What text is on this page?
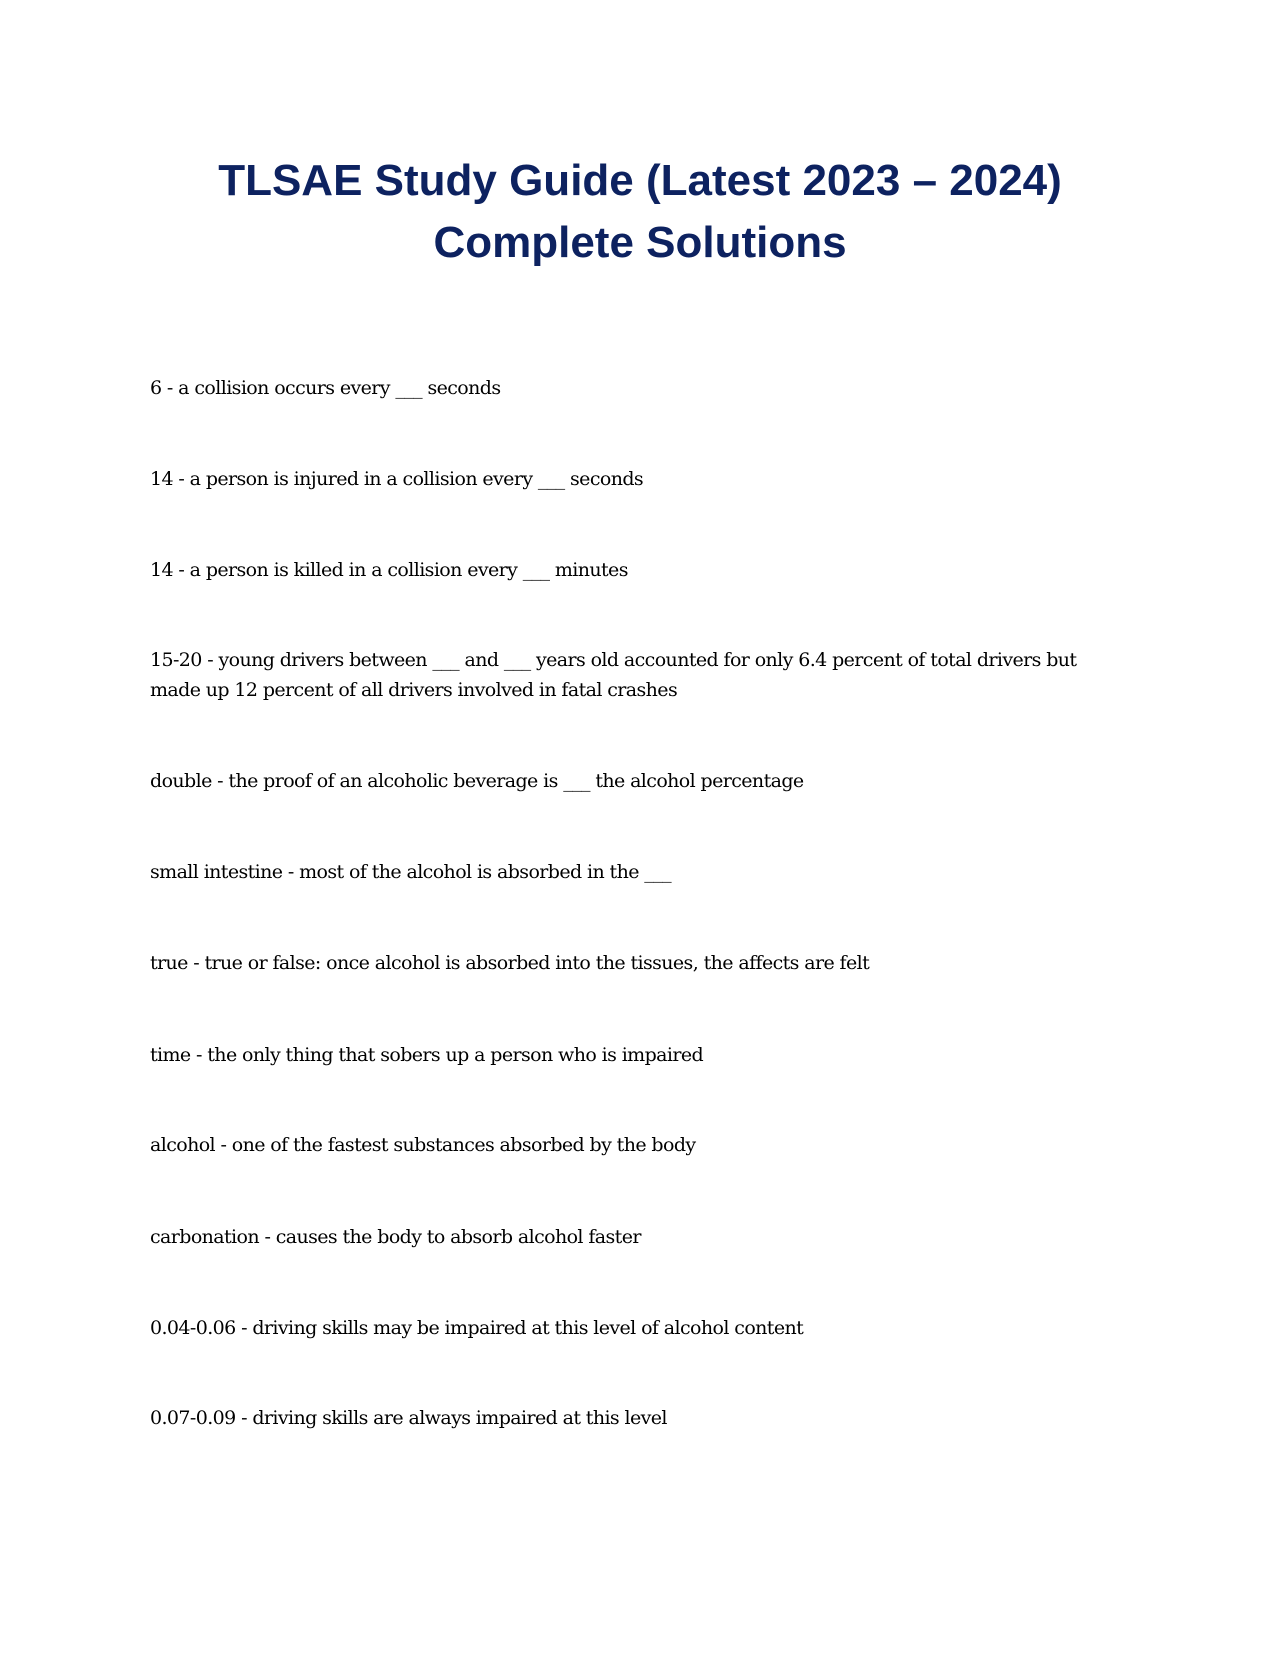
TLSAE Study Guide (Latest 2023 – 2024)
Complete Solutions

6 - a collision occurs every ___ seconds

14 - a person is injured in a collision every ___ seconds

14 - a person is killed in a collision every ___ minutes

15-20 - young drivers between ___ and ___ years old accounted for only 6.4 percent of total drivers but made up 12 percent of all drivers involved in fatal crashes

double - the proof of an alcoholic beverage is ___ the alcohol percentage

small intestine - most of the alcohol is absorbed in the ___

true - true or false: once alcohol is absorbed into the tissues, the affects are felt

time - the only thing that sobers up a person who is impaired

alcohol - one of the fastest substances absorbed by the body

carbonation - causes the body to absorb alcohol faster

0.04-0.06 - driving skills may be impaired at this level of alcohol content

0.07-0.09 - driving skills are always impaired at this level
